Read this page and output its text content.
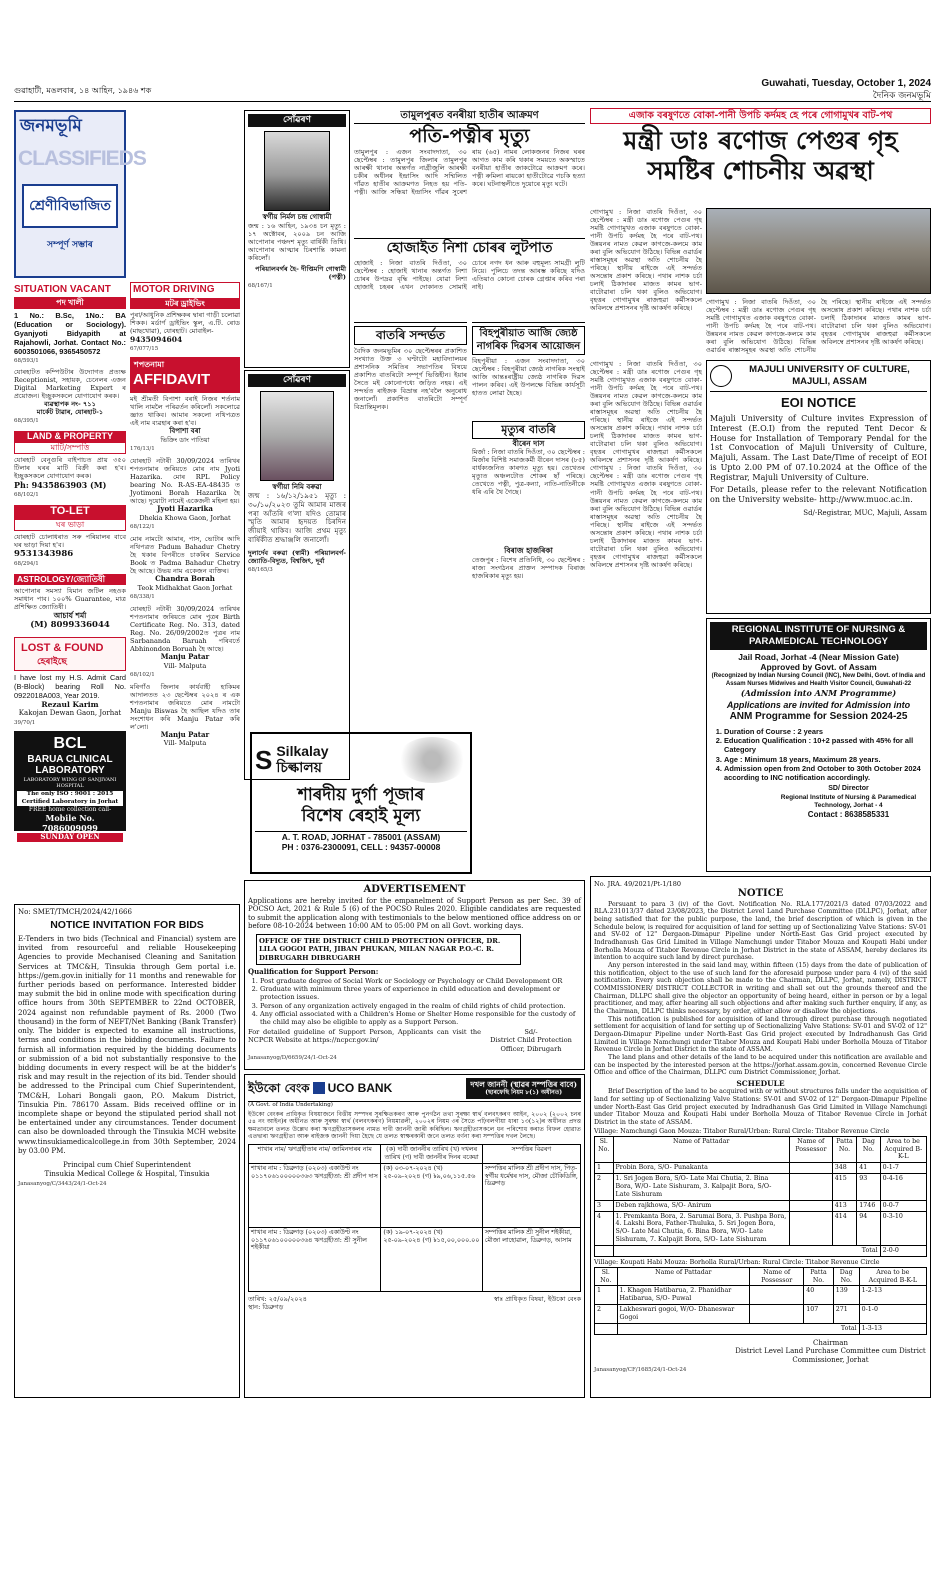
গুৱাহাটী, মঙলবাৰ, ১৪ আহিন, ১৯৪৬ শক
Guwahati, Tuesday, October 1, 2024
দৈনিক জনমভূমি
জনমভূমি
CLASSIFIEDS
শ্ৰেণীবিভাজিত
সম্পূৰ্ণ সম্ভাৰ
SITUATION VACANT
পদ খালী
1 No.: B.Sc, 1No.: BA (Education or Sociology). Gyanjyoti Bidyapith at Rajahowli, Jorhat. Contact No.: 6003501066, 9365450572
68/593/1
যোৰহাটত কম্পিউটাৰ উদ্যোগত প্ৰত্যক্ষ Receptionist, সহায়ক, চেনেলৰ এজন Digital Marketing Expert ৰ প্ৰয়োজন। ইচ্ছুকসকলে যোগাযোগ কৰক।
ব্যৱস্থাপক নং- ৭১১
মাৰ্কেট টাৱাৰ, যোৰহাট-১
68/395/1
LAND & PROPERTY
মাটি/সম্পত্তি
যোৰহাট বেনুগুৰি বাইপাচত প্ৰায় ৩৫০ টিলাৰ ঘৰৰ মাটি বিক্ৰী কৰা হ'ব। ইচ্ছুকসকলে যোগাযোগ কৰক।
Ph: 9435863903 (M)
68/102/1
TO-LET
ঘৰ ভাড়া
যোৰহাট চোলাধৰাত সৰু পৰিয়ালৰ বাবে ঘৰ ভাড়া দিয়া হ'ব।
9531343986
68/294/1
ASTROLOGY/জ্যোতিষী
আপোনাৰ সমস্যা যিমান জটিল নহওক সমাধান পাব। ১০০% Guarantee, মাত্ৰ প্ৰশিক্ষিত জ্যোতিষী।
আচাৰ্য শৰ্মা
(M) 8099336044
LOST & FOUND
হেৰাইছে
I have lost my H.S. Admit Card (B-Block) bearing Roll No. 0922018A003, Year 2019.
Rezaul Karim
Kakojan Dewan Gaon, Jorhat
39/70/1
BCL
BARUA CLINICAL LABORATORY
LABORATORY WING OF SANJIVANI HOSPITAL
The only ISO : 9001 : 2015 Certified Laboratory in Jorhat
FREE home collection call-
Mobile No. 7086009099
SUNDAY OPEN
MOTOR DRIVING
মটৰ ড্ৰাইভিং
পুৰা/আধুনিক প্ৰশিক্ষকৰ দ্বাৰা গাড়ী চলোৱা শিকক। মৰ্ডাৰ্ণ ড্ৰাইভিং স্কুল, এ.টি. ৰোড (মাছখোৱা), যোৰহাট। মোবাইল-
9435094604
67/077/15
শপতনামা
AFFIDAVIT
মই শ্ৰীমতী বিপাশা বৰাই নিজৰ শৰ্তনাম খালি নামলৈ পৰিৱৰ্তন কৰিলোঁ। সকলোৱে জ্ঞাত থাকিব। আমাৰ সকলো নথিপত্ৰত এই নাম ব্যৱহাৰ কৰা হ'ব।
বিপাশা বৰা
ভিক্ৰিং ডাং পাতিয়া
176/13/1
যোৰহাট নটাৰী 30/09/2024 তাৰিখৰ শপতনামাৰ জৰিয়তে মোৰ নাম Jyoti Hazarika. মোৰ RPL Policy bearing No. R-AS-EA-48435 ত Jyotimoni Borah Hazarika হৈ আছে। দুয়োটা নামেই একেজনী মহিলা হয়।
Jyoti Hazarika
Dhekia Khowa Gaon, Jorhat
68/122/1
মোৰ নামটো আমাৰ, পাস, ভোটাৰ আদি নথিপত্ৰত Padum Bahadur Chetry হৈ থকাৰ বিপৰীতে চাকৰিৰ Service Book ত Padma Bahadur Chetry হৈ আছে। উভয় নাম একেজন ব্যক্তিৰ।
Chandra Borah
Teok Midhakhat Gaon Jorhat
68/338/1
যোৰহাট নটাৰী 30/09/2024 তাৰিখৰ শপতনামাৰ জৰিয়তে মোৰ পুত্ৰৰ Birth Certificate Reg. No. 313, dated Reg. No. 26/09/2002ত পুত্ৰৰ নাম Sarbananda Baruah পৰিবৰ্তে Abhinondon Boruah হৈ আছে।
Manju Patar
Vill- Malputa
68/102/1
মৰিগাঁও জিলাৰ কাৰ্যবাহী হাকিমৰ আদালতত ২৩ ছেপ্টেম্বৰ ২০২৪ ৰ এক শপতনামাৰ জৰিয়তে মোৰ নামটো Manju Biswas হৈ আছিল যদিও তাৰ সংশোধন কৰি Manju Patar কৰি ল'লো।
Manju Patar
Vill- Malputa
সোঁৱৰণ
স্বৰ্গীয় নিৰ্মল চন্দ্ৰ গোস্বামী
জন্ম : ১৬ আহিন, ১৯৩৪ চন মৃত্যু : ১৭ অক্টোবৰ, ২০০৯ চন আজি আপোনাৰ পঞ্চদশ মৃত্যু বাৰ্ষিকী তিথি। আপোনাৰ আত্মাৰ চিৰশান্তি কামনা কৰিলোঁ।
পৰিয়ালবৰ্গৰ হৈ- দীপ্তিমণি গোস্বামী (পত্নী)
68/167/1
সোঁৱৰণ
স্বৰ্গীয়া নিমি বৰুৱা
জন্ম : ১৬/১২/১৯৫১ মৃত্যু : ৩০/১০/২০২৩ তুমি আমাৰ মাজৰ পৰা আঁতৰি গ'লা যদিও তোমাৰ স্মৃতি আমাৰ হৃদয়ত চিৰদিন জীয়াই থাকিব। আজি প্ৰথম মৃত্যু বাৰ্ষিকীত শ্ৰদ্ধাঞ্জলি জনালোঁ।
দুলাৰ্দেব বৰুৱা (স্বামী) পৰিয়ালবৰ্গ- জ্যোতি-বিদ্যুত, বিশ্বজিৎ, দূৰ্বা
68/165/3
তামুলপুৰত বনৰীয়া হাতীৰ আক্ৰমণ
পতি-পত্নীৰ মৃত্যু
তামুলপুৰ : এজন সংবাদদাতা, ৩০ ছেপ্টেম্বৰ : তামুলপুৰ জিলাৰ তামুলপুৰ আৰক্ষী থানাৰ অন্তৰ্গত নাগ্ৰীজুলি আৰক্ষী চকীৰ অধীনৰ ইন্দ্ৰাসিং আদি সম্মিলিত গাঁৱত হাতীৰ আক্ৰমণত নিহত হয় পতি-পত্নী। আজি সন্ধিয়া ইন্দ্ৰাসিং গাঁৱৰ সুৰেশ ৰায় (৬৫) নামৰ লোকজনৰ নিজৰ ঘৰৰ আগত কাম কৰি থকাৰ সময়তে অকস্মাতে বনৰীয়া হাতীৰ জাকটোৱে আক্ৰমণ কৰে। পত্নী ৰুমিলা ৰায়কো হাতীটোৱে গচকি হত্যা কৰে। ঘটনাস্থলীতে দুয়োৰে মৃত্যু ঘটে।
হোজাইত নিশা চোৰৰ লুটপাত
হোজাই : নিজা বাতৰি দিওঁতা, ৩০ ছেপ্টেম্বৰ : হোজাই থানাৰ অন্তৰ্গত নিশা চোৰৰ উপদ্ৰৱ বৃদ্ধি পাইছে। যোৱা নিশা হোজাই চহৰৰ এখন দোকানত সোমাই চোৰে নগদ ধন আৰু বহুমূল্য সামগ্ৰী লুটি নিয়ে। পুলিচে তদন্ত আৰম্ভ কৰিছে যদিও এতিয়াও কোনো চোৰক গ্ৰেপ্তাৰ কৰিব পৰা নাই।
বাতৰি সন্দৰ্ভত
বৈদিক জনমভূমিৰ ৩০ ছেপ্টেম্বৰৰ প্ৰকাশিত সংখ্যাত উক্ত ৩ ঘণ্টাটো মহাবিদ্যালয়ৰ প্ৰশাসনিক সমিতিৰ সভাপতিৰ বিষয়ে প্ৰকাশিত বাতৰিটো সম্পূৰ্ণ ভিত্তিহীন। ইয়াৰ সৈতে মই কোনোপধ্যে জড়িত নহয়। এই সন্দৰ্ভত ৰাইজক বিভ্ৰান্ত নহ'বলৈ অনুৰোধ জনালোঁ। প্ৰকাশিত বাতৰিটো সম্পূৰ্ণ বিভ্ৰান্তিমূলক।
বিহপুৰীয়াত আজি জ্যেষ্ঠ নাগৰিক দিৱসৰ আয়োজন
বিহপুৰীয়া : এজন সংবাদদাতা, ৩০ ছেপ্টেম্বৰ : বিহপুৰীয়া জ্যেষ্ঠ নাগৰিক সংস্থাই আজি আন্তঃৰাষ্ট্ৰীয় জ্যেষ্ঠ নাগৰিক দিৱস পালন কৰিব। এই উপলক্ষে বিভিন্ন কাৰ্যসূচী হাতত লোৱা হৈছে।
মৃত্যুৰ বাতৰি
বীৰেন দাস
মিৰ্জা : নিজা বাতৰি দিওঁতা, ৩০ ছেপ্টেম্বৰ : মিৰ্জাৰ বিশিষ্ট সমাজকৰ্মী বীৰেন দাসৰ (৮৫) বাৰ্ধক্যজনিত কাৰণত মৃত্যু হয়। তেখেতৰ মৃত্যুত অঞ্চলটোত শোকৰ ছাঁ পৰিছে। তেখেতে পত্নী, পুত্ৰ-কন্যা, নাতি-নাতিনীকে ধৰি এৰি থৈ গৈছে।
বিৰাজ হাজৰিকা
তেজপুৰ : বিশেষ প্ৰতিনিধি, ৩০ ছেপ্টেম্বৰ : ৰাজ্য সংগঠনৰ প্ৰাক্তন সম্পাদক বিৰাজ হাজৰিকাৰ মৃত্যু হয়।
S Silkalay
চিল্কালয়
শাৰদীয় দুৰ্গা পূজাৰ
বিশেষ ৰেহাই মূল্য
A. T. ROAD, JORHAT - 785001 (ASSAM)
PH : 0376-2300091, CELL : 94357-00008
এজাক বৰষুণতে বোকা-পানী উপচি কৰ্দমহ হে পৰে গোগামুখৰ বাট-পথ
মন্ত্ৰী ডাঃ ৰণোজ পেগুৰ গৃহ সমষ্টিৰ শোচনীয় অৱস্থা
গোগামুখ : নিজা বাতৰি দিওঁতা, ৩০ ছেপ্টেম্বৰ : মন্ত্ৰী ডাঃ ৰণোজ পেগুৰ গৃহ সমষ্টি গোগামুখত এজাক বৰষুণতে বোকা-পানী উপচি কৰ্দমহ হৈ পৰে বাট-পথ। উন্নয়নৰ নামত কেৱল কাগজে-কলমে কাম কৰা বুলি অভিযোগ উঠিছে। বিভিন্ন ওৱাৰ্ডৰ ৰাস্তাসমূহৰ অৱস্থা অতি শোচনীয় হৈ পৰিছে। স্থানীয় ৰাইজে এই সন্দৰ্ভত অসন্তোষ প্ৰকাশ কৰিছে। পথাৰ নাশক চৰ্চা চলাই ঠিকাদাৰৰ মাজত কামৰ ভাগ-বাটোৱাৰা চলি থকা বুলিও অভিযোগ। বৃহত্তৰ গোগামুখৰ ৰাজহুৱা কৰ্মীসকলে অবিলম্বে প্ৰশাসনৰ দৃষ্টি আকৰ্ষণ কৰিছে।
গোগামুখ : নিজা বাতৰি দিওঁতা, ৩০ ছেপ্টেম্বৰ : মন্ত্ৰী ডাঃ ৰণোজ পেগুৰ গৃহ সমষ্টি গোগামুখত এজাক বৰষুণতে বোকা-পানী উপচি কৰ্দমহ হৈ পৰে বাট-পথ। উন্নয়নৰ নামত কেৱল কাগজে-কলমে কাম কৰা বুলি অভিযোগ উঠিছে। বিভিন্ন ওৱাৰ্ডৰ ৰাস্তাসমূহৰ অৱস্থা অতি শোচনীয় হৈ পৰিছে। স্থানীয় ৰাইজে এই সন্দৰ্ভত অসন্তোষ প্ৰকাশ কৰিছে। পথাৰ নাশক চৰ্চা চলাই ঠিকাদাৰৰ মাজত কামৰ ভাগ-বাটোৱাৰা চলি থকা বুলিও অভিযোগ। বৃহত্তৰ গোগামুখৰ ৰাজহুৱা কৰ্মীসকলে অবিলম্বে প্ৰশাসনৰ দৃষ্টি আকৰ্ষণ কৰিছে।
MAJULI UNIVERSITY OF CULTURE, MAJULI, ASSAM
EOI NOTICE
Majuli University of Culture invites Expression of Interest (E.O.I) from the reputed Tent Decor & House for Installation of Temporary Pendal for the 1st Convocation of Majuli University of Culture, Majuli, Assam. The Last Date/Time of receipt of EOI is Upto 2.00 PM of 07.10.2024 at the Office of the Registrar, Majuli University of Culture.
For Details, please refer to the relevant Notification on the University website- http://www.muoc.ac.in.
Sd/-Registrar, MUC, Majuli, Assam
গোগামুখ : নিজা বাতৰি দিওঁতা, ৩০ ছেপ্টেম্বৰ : মন্ত্ৰী ডাঃ ৰণোজ পেগুৰ গৃহ সমষ্টি গোগামুখত এজাক বৰষুণতে বোকা-পানী উপচি কৰ্দমহ হৈ পৰে বাট-পথ। উন্নয়নৰ নামত কেৱল কাগজে-কলমে কাম কৰা বুলি অভিযোগ উঠিছে। বিভিন্ন ওৱাৰ্ডৰ ৰাস্তাসমূহৰ অৱস্থা অতি শোচনীয় হৈ পৰিছে। স্থানীয় ৰাইজে এই সন্দৰ্ভত অসন্তোষ প্ৰকাশ কৰিছে। পথাৰ নাশক চৰ্চা চলাই ঠিকাদাৰৰ মাজত কামৰ ভাগ-বাটোৱাৰা চলি থকা বুলিও অভিযোগ। বৃহত্তৰ গোগামুখৰ ৰাজহুৱা কৰ্মীসকলে অবিলম্বে প্ৰশাসনৰ দৃষ্টি আকৰ্ষণ কৰিছে। গোগামুখ : নিজা বাতৰি দিওঁতা, ৩০ ছেপ্টেম্বৰ : মন্ত্ৰী ডাঃ ৰণোজ পেগুৰ গৃহ সমষ্টি গোগামুখত এজাক বৰষুণতে বোকা-পানী উপচি কৰ্দমহ হৈ পৰে বাট-পথ। উন্নয়নৰ নামত কেৱল কাগজে-কলমে কাম কৰা বুলি অভিযোগ উঠিছে। বিভিন্ন ওৱাৰ্ডৰ ৰাস্তাসমূহৰ অৱস্থা অতি শোচনীয় হৈ পৰিছে। স্থানীয় ৰাইজে এই সন্দৰ্ভত অসন্তোষ প্ৰকাশ কৰিছে। পথাৰ নাশক চৰ্চা চলাই ঠিকাদাৰৰ মাজত কামৰ ভাগ-বাটোৱাৰা চলি থকা বুলিও অভিযোগ। বৃহত্তৰ গোগামুখৰ ৰাজহুৱা কৰ্মীসকলে অবিলম্বে প্ৰশাসনৰ দৃষ্টি আকৰ্ষণ কৰিছে।
REGIONAL INSTITUTE OF NURSING & PARAMEDICAL TECHNOLOGY
Jail Road, Jorhat -4 (Near Mission Gate)
Approved by Govt. of Assam
(Recognized by Indian Nursing Council (INC), New Delhi, Govt. of India and Assam Nurses Midwives and Health Visitor Council, Guwahati-22
(Admission into ANM Programme)
Applications are invited for Admission into
ANM Programme for Session 2024-25
1. Duration of Course : 2 years
2. Education Qualification : 10+2 passed with 45% for all Category
3. Age : Minimum 18 years, Maximum 28 years.
4. Admission open from 2nd October to 30th October 2024 according to INC notification accordingly.
SD/ Director
Regional Institute of Nursing & Paramedical Technology, Jorhat - 4
Contact : 8638585331
ADVERTISEMENT
Applications are hereby invited for the empanelment of Support Person as per Sec. 39 of POCSO Act, 2021 & Rule 5 (6) of the POCSO Rules 2020. Eligible candidates are requested to submit the application along with testimonials to the below mentioned office address on or before 08-10-2024 between 10:00 AM to 05:00 PM on all Govt. working days.
OFFICE OF THE DISTRICT CHILD PROTECTION OFFICER, DR. LILA GOGOI PATH, JIBAN PHUKAN, MILAN NAGAR P.O.-C. R. DIBRUGARH DIBRUGARH
Qualification for Support Person:
1. Post graduate degree of Social Work or Sociology or Psychology or Child Development OR
2. Graduate with minimum three years of experience in child education and development or protection issues.
3. Person of any organization actively engaged in the realm of child rights of child protection.
4. Any official associated with a Children's Home or Shelter Home responsible for the custody of the child may also be eligible to apply as a Support Person.
For detailed guideline of Support Person, Applicants can visit the NCPCR Website at https://ncpcr.gov.in/
Sd/-
District Child Protection Officer, Dibrugarh
Janasanyog/D/6659/24/1-Oct-24
No: SMET/TMCH/2024/42/1666
NOTICE INVITATION FOR BIDS
E-Tenders in two bids (Technical and Financial) system are invited from resourceful and reliable Housekeeping Agencies to provide Mechanised Cleaning and Sanitation Services at TMC&H, Tinsukia through Gem portal i.e. https://gem.gov.in initially for 11 months and renewable for further periods based on performance. Interested bidder may submit the bid in online mode with specification during office hours from 30th SEPTEMBER to 22nd OCTOBER, 2024 against non refundable payment of Rs. 2000 (Two thousand) in the form of NEFT/Net Banking (Bank Transfer) only. The bidder is expected to examine all instructions, terms and conditions in the bidding documents. Failure to furnish all information required by the bidding documents or submission of a bid not substantially responsive to the bidding documents in every respect will be at the bidder's risk and may result in the rejection of its bid. Tender should be addressed to the Principal cum Chief Superintendent, TMC&H, Lohari Bongali gaon, P.O. Makum District, Tinsukia Pin. 786170 Assam. Bids received offline or in incomplete shape or beyond the stipulated period shall not be entertained under any circumstances. Tender document can also be downloaded through the Tinsukia MCH website www.tinsukiamedicalcollege.in from 30th September, 2024 by 03.00 PM.
Principal cum Chief Superintendent
Tinsukia Medical College & Hospital, Tinsukia
Janasanyog/C/3443/24/1-Oct-24
ইউকো বেংক UCO BANK	দখল জাননী (স্থাৱৰ সম্পত্তিৰ বাবে)
(ছাৰফেছি নিয়ম ৮(১) অধীনত)
(A Govt. of India Undertaking)
ইউকো বেংকৰ প্ৰাধিকৃত বিষয়াজনে বিত্তীয় সম্পদৰ সুৰক্ষিতকৰণ আৰু পুনৰ্গঠন তথা সুৰক্ষা স্বাৰ্থ বলবৎকৰণ আইন, ২০০২ (২০০২ চনৰ ৫৪ নং আইন)ৰ অধীনত আৰু সুৰক্ষা স্বাৰ্থ (বলবৎকৰণ) নিয়মাৱলী, ২০০২ৰ নিয়ম ৩ৰ সৈতে পঢ়িবলগীয়া ধাৰা ১৩(১২)ৰ অধীনত প্ৰদত্ত ক্ষমতাবলে তলত উল্লেখ কৰা ঋণগ্ৰহীতাসকলৰ নামত দাবী জাননী জাৰী কৰিছিল। ঋণগ্ৰহীতাসকলে ধন পৰিশোধ কৰাত বিফল হোৱাত এতদ্বাৰা ঋণগ্ৰহীতা আৰু ৰাইজক জাননী দিয়া হৈছে যে তলত স্বাক্ষৰকাৰী জনে তলত বৰ্ণনা কৰা সম্পত্তিৰ দখল লৈছে।
শাখাৰ নাম/ ঋণগ্ৰহীতাৰ নাম/ জামিনদাৰৰ নাম	(ক) দাবী জাননীৰ তাৰিখ (খ) দখলৰ তাৰিখ (গ) দাবী জাননীৰ দিনৰ বকেয়া	সম্পত্তিৰ বিৱৰণ
শাখাৰ নাম : ডিব্ৰুগড় (০২০৩) একাউণ্ট নং ০১১৭০৬১০০০০০৩৬৩ ঋণগ্ৰহীতা: শ্ৰী প্ৰদীপ দাস	(ক) ০৩-০৭-২০২৪ (খ) ২৫-০৯-২০২৪ (গ) ৳৯,০৬,১১৫.৫৬	সম্পত্তিৰ মালিক শ্ৰী প্ৰদীপ দাস, পিতৃ- স্বৰ্গীয় ধৰ্মেশ্বৰ দাস, মৌজা চৌকিডিঙ্গি, ডিব্ৰুগড়
শাখাৰ নাম : ডিব্ৰুগড় (০২০৩) একাউণ্ট নং ০১১৭০৬১০০০০০৩৬৪ ঋণগ্ৰহীতা: শ্ৰী সুনীল শইকীয়া	(ক) ১৯-০৭-২০২৪ (খ) ২৫-০৯-২০২৪ (গ) ৳১৫,০০,০০০.০০	সম্পত্তিৰ মালিক শ্ৰী সুনীল শইকীয়া, মৌজা লাহোৱাল, ডিব্ৰুগড়, আসাম
তাৰিখ: ২৫/০৯/২০২৪
স্থান: ডিব্ৰুগড়
স্বাঃ প্ৰাধিকৃত বিষয়া, ইউকো বেংক
No. JRA. 49/2021/Pt-1/180
NOTICE
Persuant to para 3 (iv) of the Govt. Notification No. RLA.177/2021/3 dated 07/03/2022 and RLA.231013/37 dated 23/08/2023, the District Level Land Purchase Committee (DLLPC), Jorhat, after being satisfied that for the public purpose, the land, the brief description of which is given in the Schedule below, is required for acquisition of land for setting up of Sectionalizing Valve Stations: SV-01 and SV-02 of 12" Dergaon-Dimapur Pipeline under North-East Gas Grid project executed by Indradhanush Gas Grid Limited in Village Namchungi under Titabor Mouza and Koupati Habi under Borholla Mouza of Titabor Revenue Circle in Jorhat District in the state of ASSAM, hereby declares its intention to acquire such land by direct purchase.
Any person interested in the said land may, within fifteen (15) days from the date of publication of this notification, object to the use of such land for the aforesaid purpose under para 4 (vi) of the said notification. Every such objection shall be made to the Chairman, DLLPC, Jorhat, namely, DISTRICT COMMISSIONER/ DISTRICT COLLECTOR in writing and shall set out the grounds thereof and the Chairman, DLLPC shall give the objector an opportunity of being heard, either in person or by a legal practitioner, and may, after hearing all such objections and after making such further enquiry, if any, as the Chairman, DLLPC thinks necessary, by order, either allow or disallow the objections.
This notification is published for acquisition of land through direct purchase through negotiated settlement for acquisition of land for setting up of Sectionalizing Valve Stations: SV-01 and SV-02 of 12" Dergaon-Dimapur Pipeline under North-East Gas Grid project executed by Indradhanush Gas Grid Limited in Village Namchungi under Titabor Mouza and Koupati Habi under Borholla Mouza of Titabor Revenue Circle in Jorhat District in the state of ASSAM.
The land plans and other details of the land to be acquired under this notification are available and can be inspected by the interested person at the https://jorhat.assam.gov.in, concerned Revenue Circle Office and office of the Chairman, DLLPC cum District Commissioner, Jorhat.
SCHEDULE
Brief Description of the land to be acquired with or without structures falls under the acquisition of land for setting up of Sectionalizing Valve Stations: SV-01 and SV-02 of 12" Dergaon-Dimapur Pipeline under North-East Gas Grid project executed by Indradhanush Gas Grid Limited in Village Namchungi under Titabor Mouza and Koupati Habi under Borholla Mouza of Titabor Revenue Circle in Jorhat District in the state of ASSAM.
Village: Namchungi Gaon Mouza: Titabor Rural/Urban: Rural Circle: Titabor Revenue Circle
Sl. No.	Name of Pattadar	Name of Possessor	Patta No.	Dag No.	Area to be Acquired B-K-L
1	Probin Bora, S/O- Punakanta		348	41	0-1-7
2	1. Sri Jogen Bora, S/O- Late Mai Chutia, 2. Bina Bora, W/O- Late Sishuram, 3. Kalpajit Bora, S/O- Late Sishuram		415	93	0-4-16
3	Deben rajkhowa, S/O- Anirum		413	1746	0-0-7
4	1. Premkanta Bora, 2. Sarumai Bora, 3. Pushpa Bora, 4. Lakshi Bora, Father-Thuluka, 5. Sri Jogen Bora, S/O- Late Mai Chutia, 6. Bina Bora, W/O- Late Sishuram, 7. Kalpajit Bora, S/O- Late Sishuram		414	94	0-3-10
	Total				2-0-0
Village: Koupati Habi Mouza: Borholla Rural/Urban: Rural Circle: Titabor Revenue Circle
Sl. No.	Name of Pattadar	Name of Possessor	Patta No.	Dag No.	Area to be Acquired B-K-L
1	1. Khagen Hatibarua, 2. Phanidhar Hatibarua, S/O- Puwal		40	139	1-2-13
2	Lakheswari gogoi, W/O- Dhaneswar Gogoi		107	271	0-1-0
	Total				1-3-13
Chairman
District Level Land Purchase Committee cum District Commissioner, Jorhat
Janasanyog/CF/1685/24/1-Oct-24
